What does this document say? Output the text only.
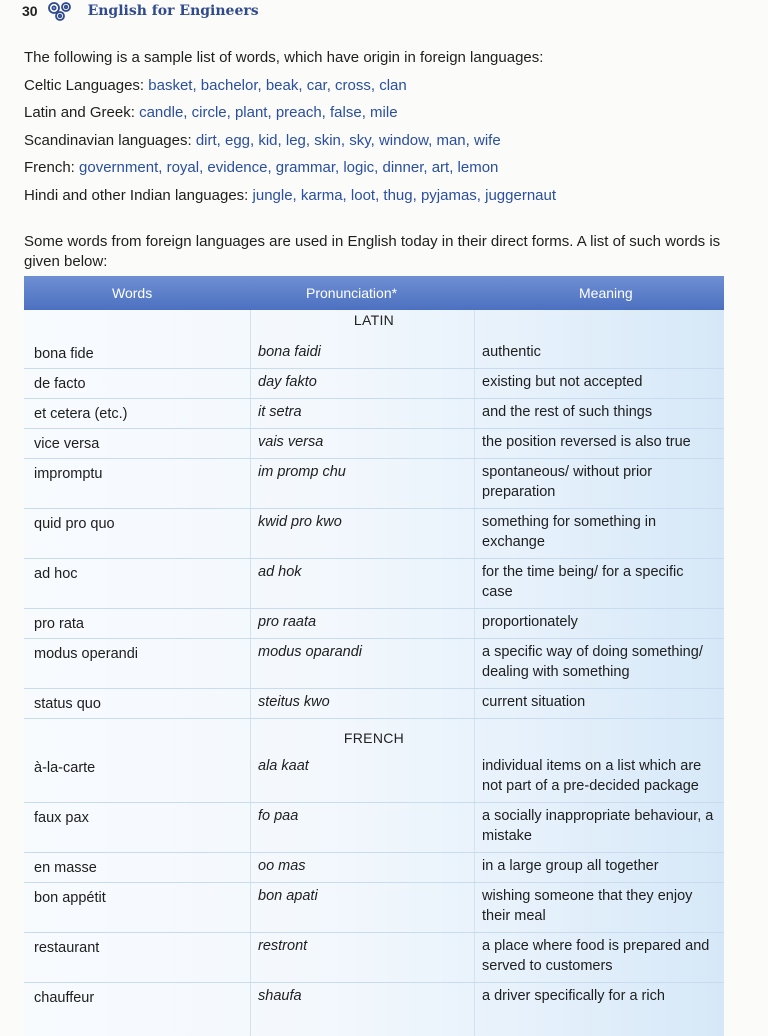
30	English for Engineers

The following is a sample list of words, which have origin in foreign languages:

Celtic Languages: basket, bachelor, beak, car, cross, clan

Latin and Greek: candle, circle, plant, preach, false, mile

Scandinavian languages: dirt, egg, kid, leg, skin, sky, window, man, wife

French: government, royal, evidence, grammar, logic, dinner, art, lemon

Hindi and other Indian languages: jungle, karma, loot, thug, pyjamas, juggernaut

Some words from foreign languages are used in English today in their direct forms. A list of such words is given below:

Words	Pronunciation*	Meaning
LATIN
bona fide	bona faidi	authentic
de facto	day fakto	existing but not accepted
et cetera (etc.)	it setra	and the rest of such things
vice versa	vais versa	the position reversed is also true
impromptu	im promp chu	spontaneous/ without prior preparation
quid pro quo	kwid pro kwo	something for something in exchange
ad hoc	ad hok	for the time being/ for a specific case
pro rata	pro raata	proportionately
modus operandi	modus oparandi	a specific way of doing something/ dealing with something
status quo	steitus kwo	current situation
FRENCH
à-la-carte	ala kaat	individual items on a list which are not part of a pre-decided package
faux pax	fo paa	a socially inappropriate behaviour, a mistake
en masse	oo mas	in a large group all together
bon appétit	bon apati	wishing someone that they enjoy their meal
restaurant	restront	a place where food is prepared and served to customers
chauffeur	shaufa	a driver specifically for a rich
